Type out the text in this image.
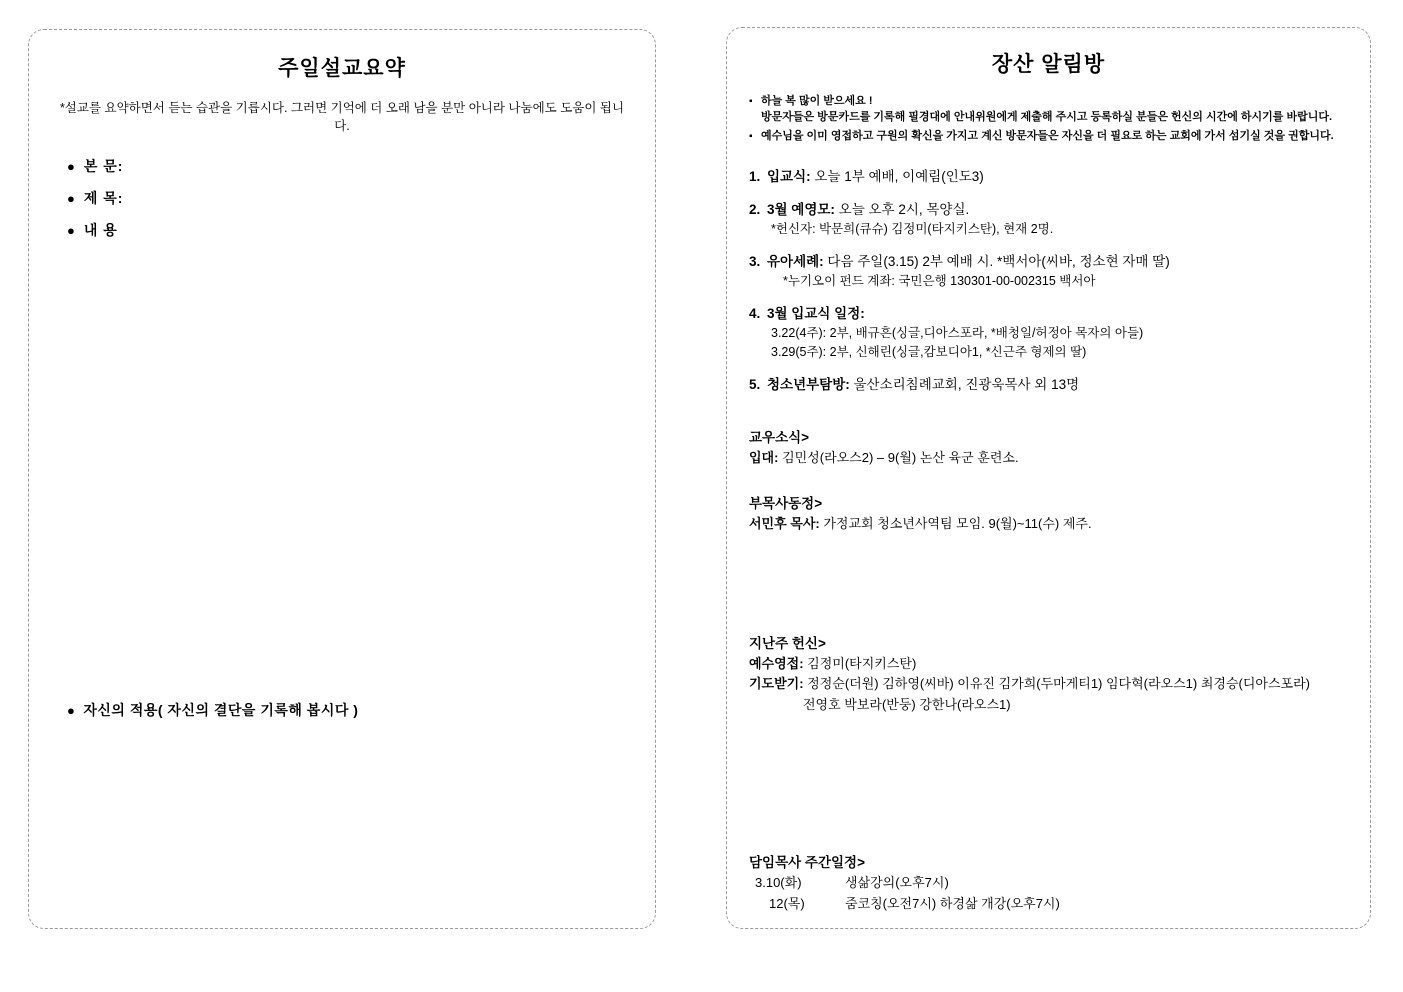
주일설교요약
*설교를 요약하면서 듣는 습관을 기릅시다. 그러면 기억에 더 오래 남을 분만 아니라 나눔에도 도움이 됩니다.
● 본 문:
● 제 목:
● 내 용
● 자신의 적용( 자신의 결단을 기록해 봅시다 )
장산 알림방
▪ 하늘 복 많이 받으세요 !
방문자들은 방문카드를 기록해 필경대에 안내위원에게 제출해 주시고 등록하실 분들은 헌신의 시간에 하시기를 바랍니다.
▪ 예수님을 이미 영접하고 구원의 확신을 가지고 계신 방문자들은 자신을 더 필요로 하는 교회에 가서 섬기실 것을 권합니다.
1. 입교식: 오늘 1부 예배, 이예림(인도3)
2. 3월 예영모: 오늘 오후 2시, 목양실.
*헌신자: 박문희(큐슈) 김정미(타지키스탄), 현재 2명.
3. 유아세례: 다음 주일(3.15) 2부 예배 시. *백서아(씨바, 정소현 자매 딸)
*누기오이 펀드 계좌: 국민은행 130301-00-002315 백서아
4. 3월 입교식 일정:
3.22(4주): 2부, 배규흔(싱글,디아스포라, *배청일/허정아 목자의 아들)
3.29(5주): 2부, 신해린(싱글,캄보디아1, *신근주 형제의 딸)
5. 청소년부탐방: 울산소리침례교회, 진광욱목사 외 13명
교우소식>
입대: 김민성(라오스2) – 9(월) 논산 육군 훈련소.
부목사동정>
서민후 목사: 가정교회 청소년사역팀 모임. 9(월)~11(수) 제주.
지난주 헌신>
예수영접: 김정미(타지키스탄)
기도받기: 정정순(더원) 김하영(씨바) 이유진 김가희(두마게티1) 임다혁(라오스1) 최경승(디아스포라)
전영호 박보라(반둥) 강한나(라오스1)
담임목사 주간일정>
3.10(화)	생삶강의(오후7시)
12(목)	줌코칭(오전7시) 하경삶 개강(오후7시)
